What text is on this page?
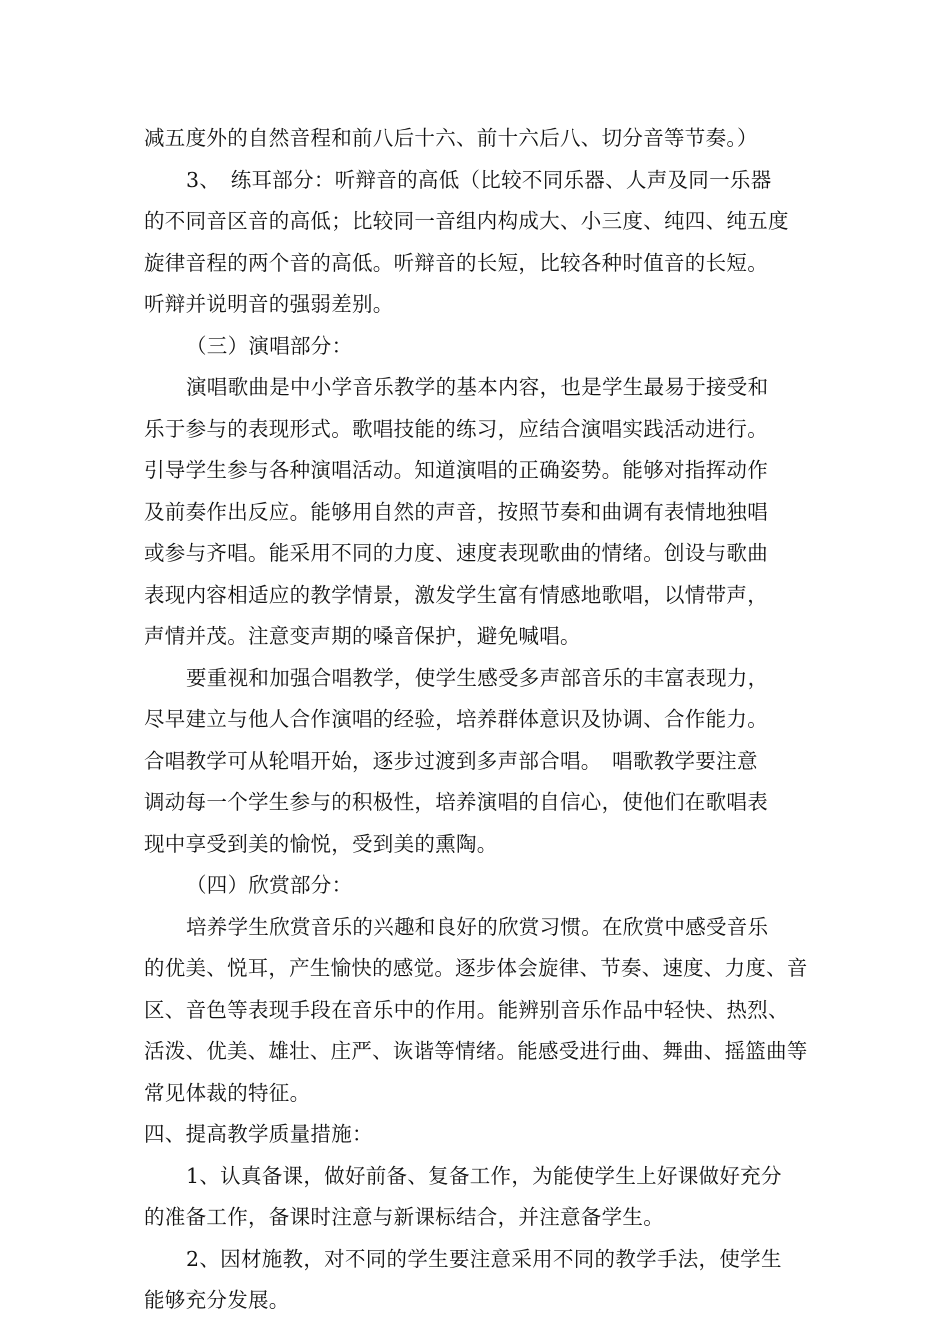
减五度外的自然音程和前八后十六、前十六后八、切分音等节奏。）
3、　练耳部分：听辩音的高低（比较不同乐器、人声及同一乐器
的不同音区音的高低；比较同一音组内构成大、小三度、纯四、纯五度
旋律音程的两个音的高低。听辩音的长短，比较各种时值音的长短。
听辩并说明音的强弱差别。
（三）演唱部分：
演唱歌曲是中小学音乐教学的基本内容，也是学生最易于接受和
乐于参与的表现形式。歌唱技能的练习，应结合演唱实践活动进行。
引导学生参与各种演唱活动。知道演唱的正确姿势。能够对指挥动作
及前奏作出反应。能够用自然的声音，按照节奏和曲调有表情地独唱
或参与齐唱。能采用不同的力度、速度表现歌曲的情绪。创设与歌曲
表现内容相适应的教学情景，激发学生富有情感地歌唱，以情带声，
声情并茂。注意变声期的嗓音保护，避免喊唱。
要重视和加强合唱教学，使学生感受多声部音乐的丰富表现力，
尽早建立与他人合作演唱的经验，培养群体意识及协调、合作能力。
合唱教学可从轮唱开始，逐步过渡到多声部合唱。　唱歌教学要注意
调动每一个学生参与的积极性，培养演唱的自信心，使他们在歌唱表
现中享受到美的愉悦，受到美的熏陶。
（四）欣赏部分：
培养学生欣赏音乐的兴趣和良好的欣赏习惯。在欣赏中感受音乐
的优美、悦耳，产生愉快的感觉。逐步体会旋律、节奏、速度、力度、音
区、音色等表现手段在音乐中的作用。能辨别音乐作品中轻快、热烈、
活泼、优美、雄壮、庄严、诙谐等情绪。能感受进行曲、舞曲、摇篮曲等
常见体裁的特征。
四、提高教学质量措施：
1、认真备课，做好前备、复备工作，为能使学生上好课做好充分
的准备工作，备课时注意与新课标结合，并注意备学生。
2、因材施教，对不同的学生要注意采用不同的教学手法，使学生
能够充分发展。
